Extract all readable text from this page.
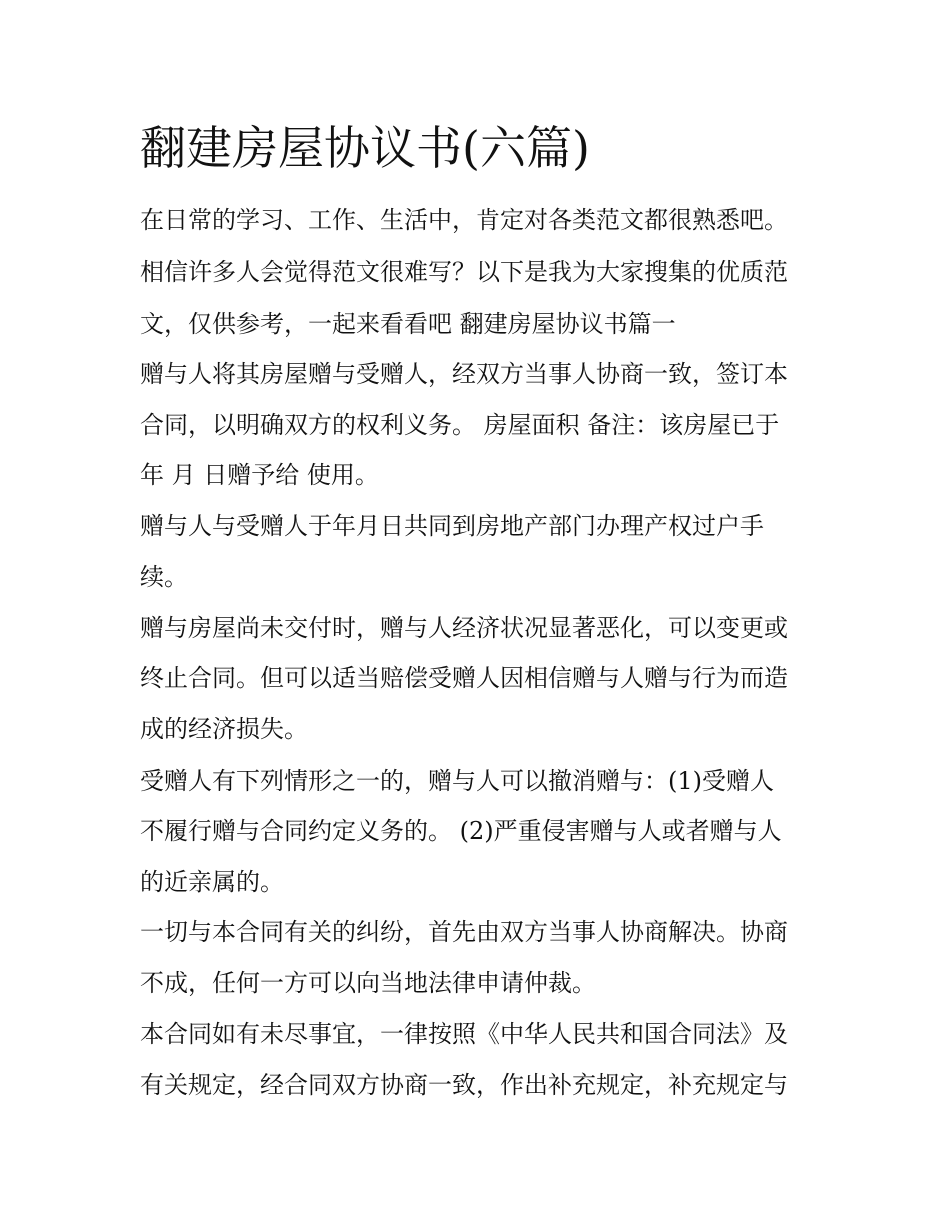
翻建房屋协议书(六篇)

在日常的学习、工作、生活中，肯定对各类范文都很熟悉吧。

相信许多人会觉得范文很难写？以下是我为大家搜集的优质范

文，仅供参考，一起来看看吧 翻建房屋协议书篇一

赠与人将其房屋赠与受赠人，经双方当事人协商一致，签订本

合同，以明确双方的权利义务。 房屋面积 备注：该房屋已于

年 月 日赠予给 使用。

赠与人与受赠人于年月日共同到房地产部门办理产权过户手

续。

赠与房屋尚未交付时，赠与人经济状况显著恶化，可以变更或

终止合同。但可以适当赔偿受赠人因相信赠与人赠与行为而造

成的经济损失。

受赠人有下列情形之一的，赠与人可以撤消赠与：(1)受赠人

不履行赠与合同约定义务的。 (2)严重侵害赠与人或者赠与人

的近亲属的。

一切与本合同有关的纠纷，首先由双方当事人协商解决。协商

不成，任何一方可以向当地法律申请仲裁。

本合同如有未尽事宜，一律按照《中华人民共和国合同法》及

有关规定，经合同双方协商一致，作出补充规定，补充规定与
